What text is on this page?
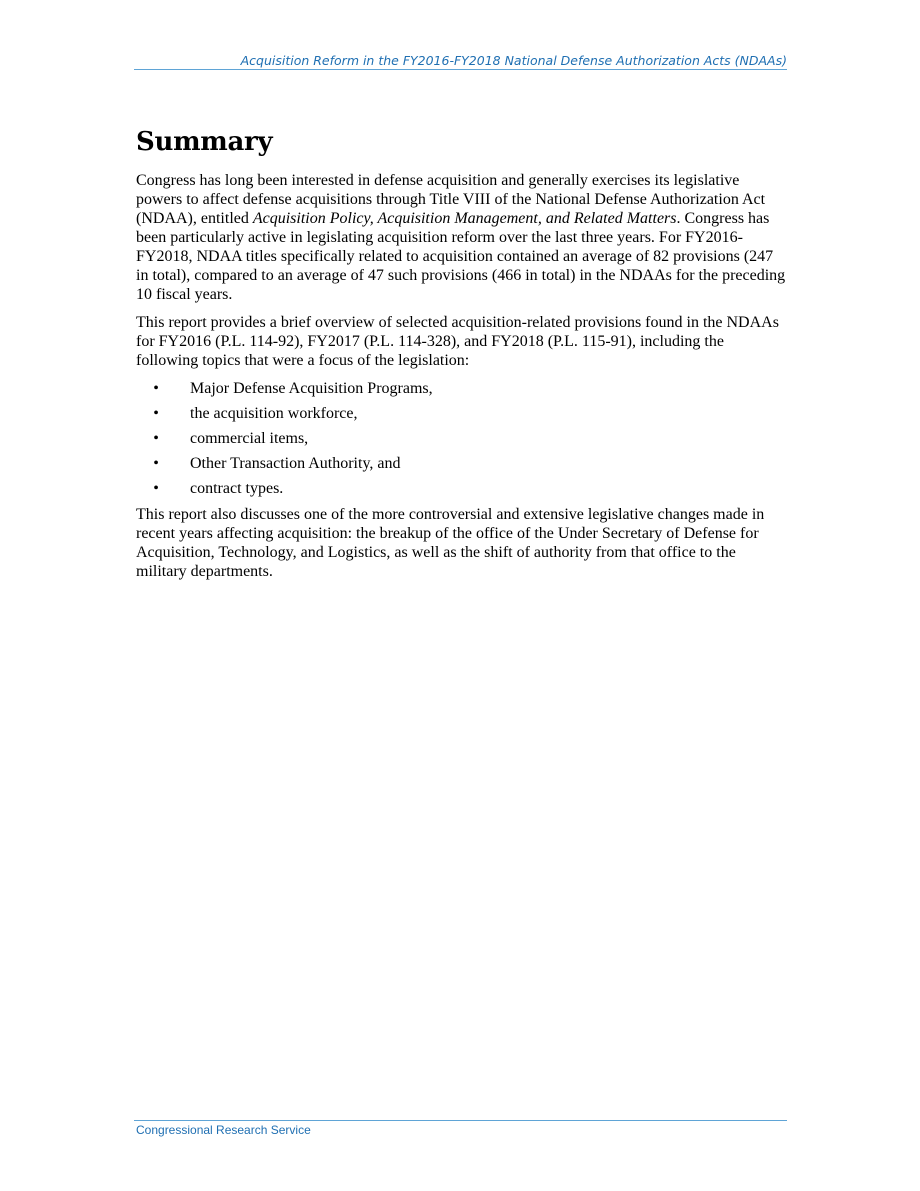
Acquisition Reform in the FY2016-FY2018 National Defense Authorization Acts (NDAAs)
Summary

Congress has long been interested in defense acquisition and generally exercises its legislative powers to affect defense acquisitions through Title VIII of the National Defense Authorization Act (NDAA), entitled Acquisition Policy, Acquisition Management, and Related Matters. Congress has been particularly active in legislating acquisition reform over the last three years. For FY2016-FY2018, NDAA titles specifically related to acquisition contained an average of 82 provisions (247 in total), compared to an average of 47 such provisions (466 in total) in the NDAAs for the preceding 10 fiscal years.

This report provides a brief overview of selected acquisition-related provisions found in the NDAAs for FY2016 (P.L. 114-92), FY2017 (P.L. 114-328), and FY2018 (P.L. 115-91), including the following topics that were a focus of the legislation:

• Major Defense Acquisition Programs,
• the acquisition workforce,
• commercial items,
• Other Transaction Authority, and
• contract types.

This report also discusses one of the more controversial and extensive legislative changes made in recent years affecting acquisition: the breakup of the office of the Under Secretary of Defense for Acquisition, Technology, and Logistics, as well as the shift of authority from that office to the military departments.

Congressional Research Service
